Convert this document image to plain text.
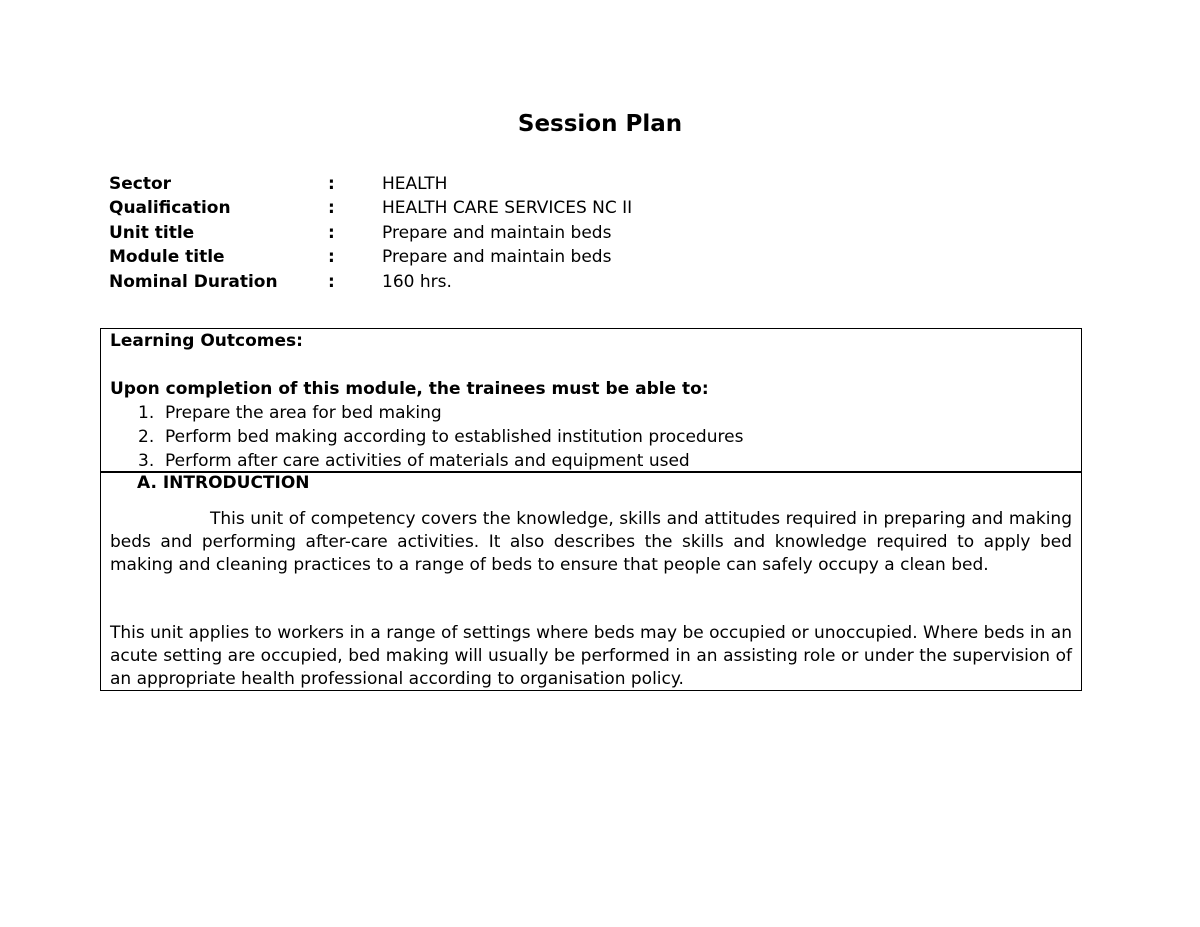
Session Plan
Sector	:	HEALTH
Qualification	:	HEALTH CARE SERVICES NC II
Unit title	:	Prepare and maintain beds
Module title	:	Prepare and maintain beds
Nominal Duration	:	160 hrs.
Learning Outcomes:
Upon completion of this module, the trainees must be able to:
1. Prepare the area for bed making
2. Perform bed making according to established institution procedures
3. Perform after care activities of materials and equipment used
A. INTRODUCTION

This unit of competency covers the knowledge, skills and attitudes required in preparing and making beds and performing after-care activities. It also describes the skills and knowledge required to apply bed making and cleaning practices to a range of beds to ensure that people can safely occupy a clean bed.

This unit applies to workers in a range of settings where beds may be occupied or unoccupied. Where beds in an acute setting are occupied, bed making will usually be performed in an assisting role or under the supervision of an appropriate health professional according to organisation policy.
